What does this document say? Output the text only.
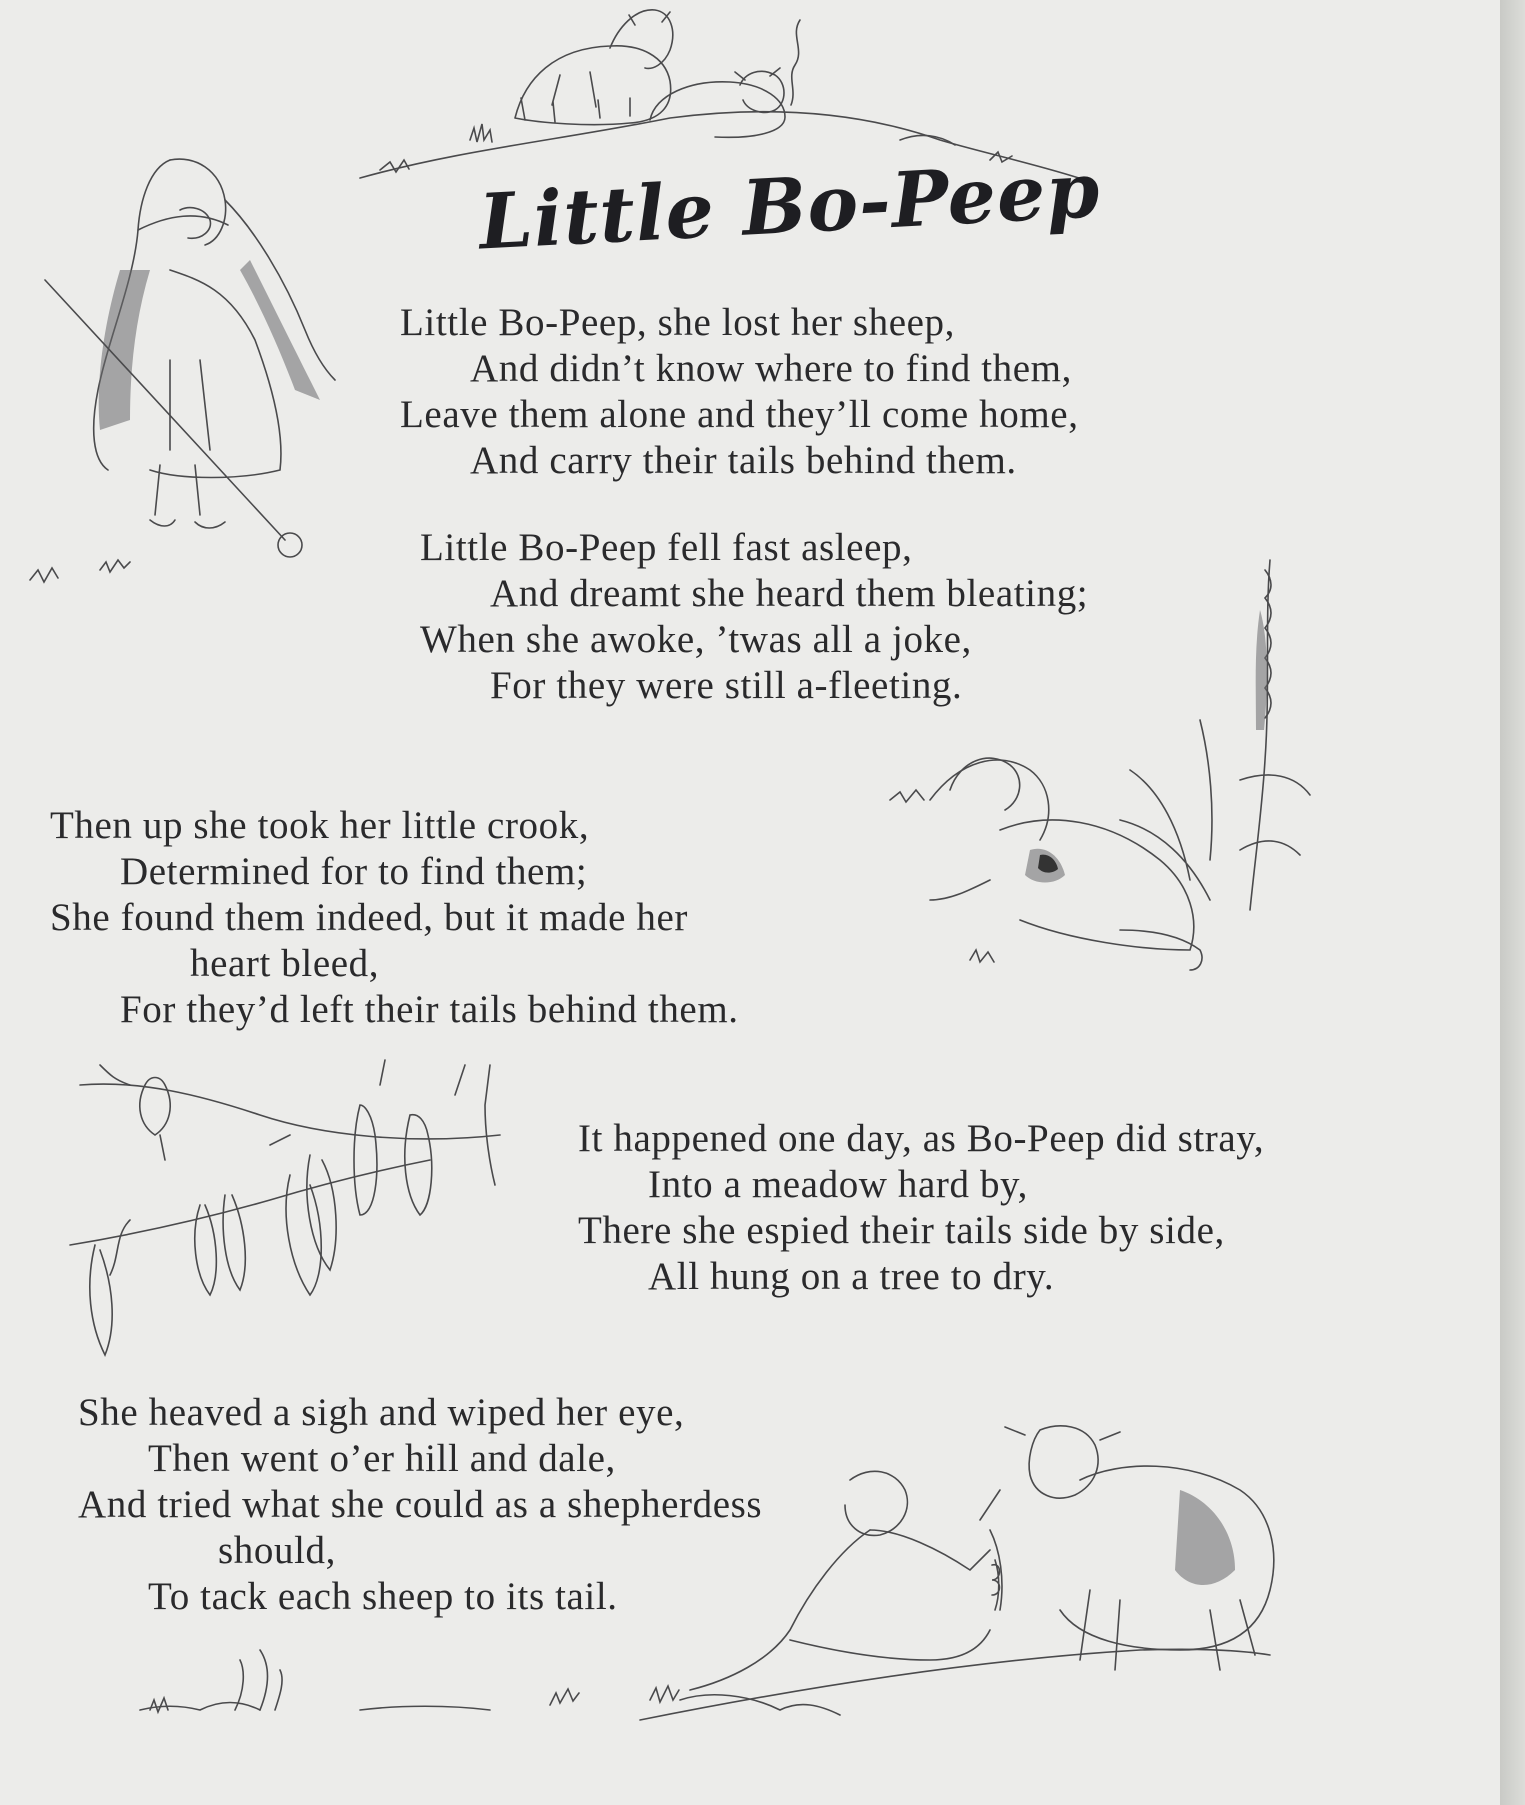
Little Bo-Peep
Little Bo-Peep, she lost her sheep,
And didn’t know where to find them,
Leave them alone and they’ll come home,
And carry their tails behind them.
Little Bo-Peep fell fast asleep,
And dreamt she heard them bleating;
When she awoke, ’twas all a joke,
For they were still a-fleeting.
Then up she took her little crook,
Determined for to find them;
She found them indeed, but it made her
heart bleed,
For they’d left their tails behind them.
It happened one day, as Bo-Peep did stray,
Into a meadow hard by,
There she espied their tails side by side,
All hung on a tree to dry.
She heaved a sigh and wiped her eye,
Then went o’er hill and dale,
And tried what she could as a shepherdess
should,
To tack each sheep to its tail.
